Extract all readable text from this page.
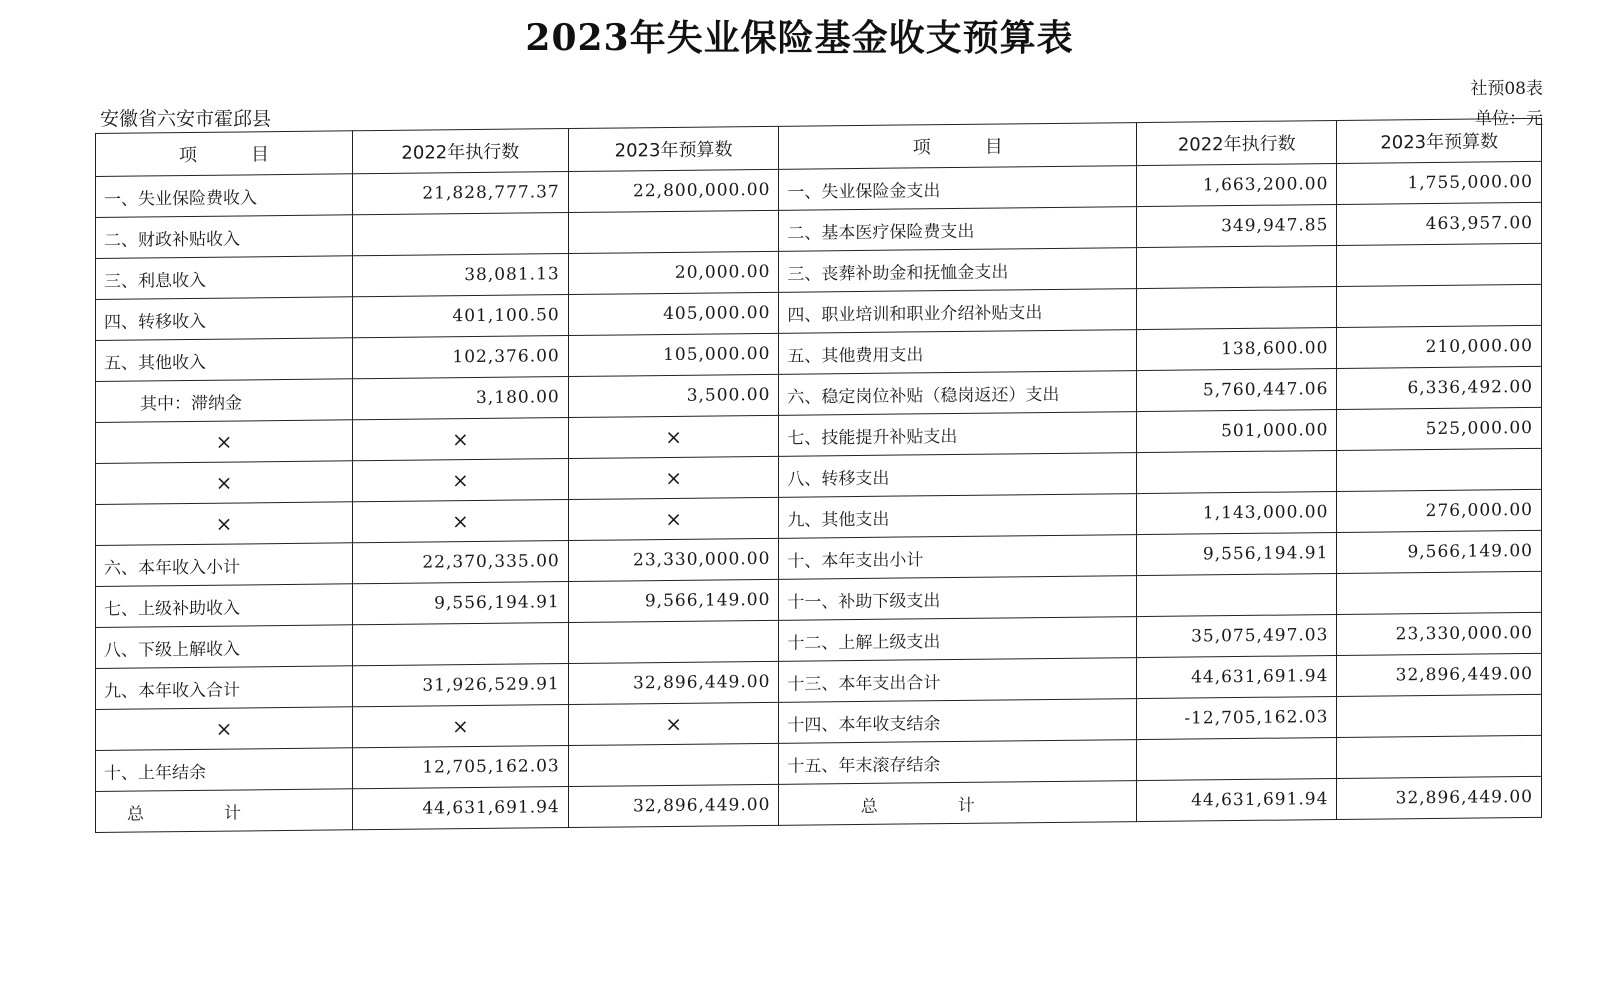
2023年失业保险基金收支预算表
社预08表
安徽省六安市霍邱县	单位：元
项　　　目	2022年执行数	2023年预算数	项　　　目	2022年执行数	2023年预算数
一、失业保险费收入	21,828,777.37	22,800,000.00	一、失业保险金支出	1,663,200.00	1,755,000.00
二、财政补贴收入			二、基本医疗保险费支出	349,947.85	463,957.00
三、利息收入	38,081.13	20,000.00	三、丧葬补助金和抚恤金支出		
四、转移收入	401,100.50	405,000.00	四、职业培训和职业介绍补贴支出		
五、其他收入	102,376.00	105,000.00	五、其他费用支出	138,600.00	210,000.00
其中：滞纳金	3,180.00	3,500.00	六、稳定岗位补贴（稳岗返还）支出	5,760,447.06	6,336,492.00
×	×	×	七、技能提升补贴支出	501,000.00	525,000.00
×	×	×	八、转移支出		
×	×	×	九、其他支出	1,143,000.00	276,000.00
六、本年收入小计	22,370,335.00	23,330,000.00	十、本年支出小计	9,556,194.91	9,566,149.00
七、上级补助收入	9,556,194.91	9,566,149.00	十一、补助下级支出		
八、下级上解收入			十二、上解上级支出	35,075,497.03	23,330,000.00
九、本年收入合计	31,926,529.91	32,896,449.00	十三、本年支出合计	44,631,691.94	32,896,449.00
×	×	×	十四、本年收支结余	-12,705,162.03	
十、上年结余	12,705,162.03		十五、年末滚存结余		
总计	44,631,691.94	32,896,449.00	总计	44,631,691.94	32,896,449.00
